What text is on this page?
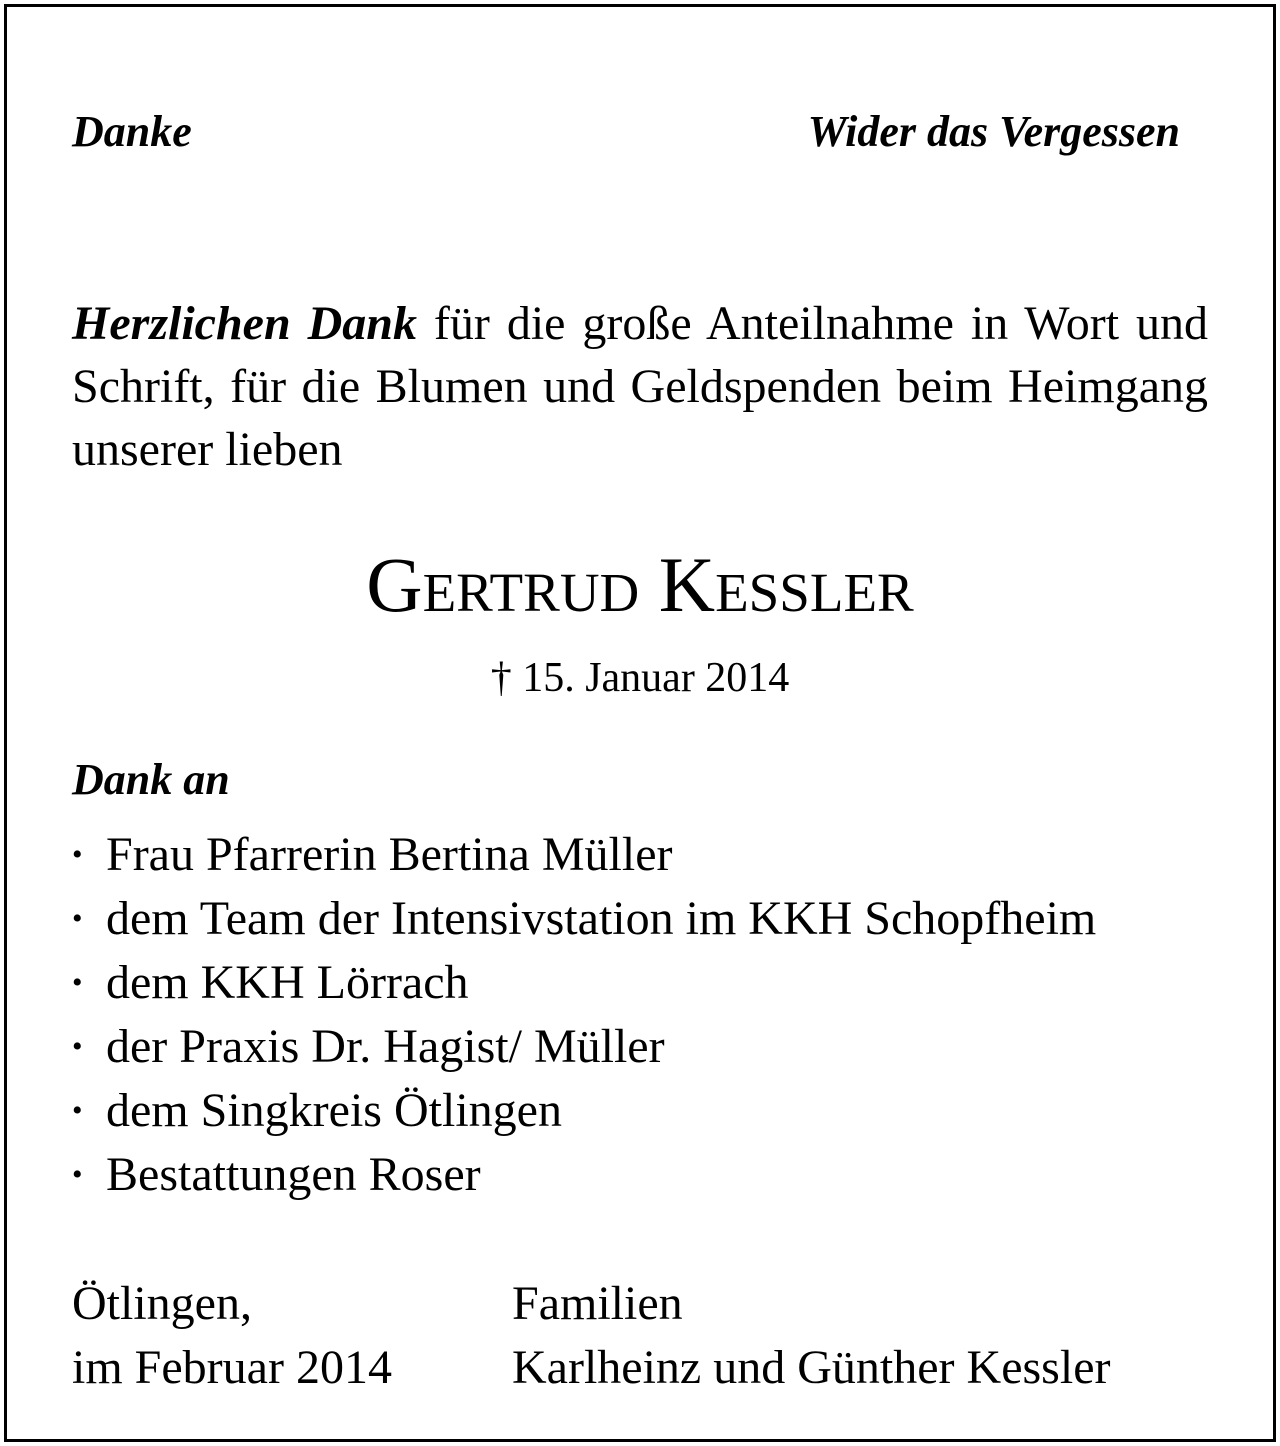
Danke	Wider das Vergessen

Herzlichen Dank für die große Anteilnahme in Wort und Schrift, für die Blumen und Geldspenden beim Heimgang unserer lieben

Gertrud Kessler
† 15. Januar 2014
Dank an
• Frau Pfarrerin Bertina Müller
• dem Team der Intensivstation im KKH Schopfheim
• dem KKH Lörrach
• der Praxis Dr. Hagist/ Müller
• dem Singkreis Ötlingen
• Bestattungen Roser
Ötlingen,
im Februar 2014
Familien
Karlheinz und Günther Kessler
